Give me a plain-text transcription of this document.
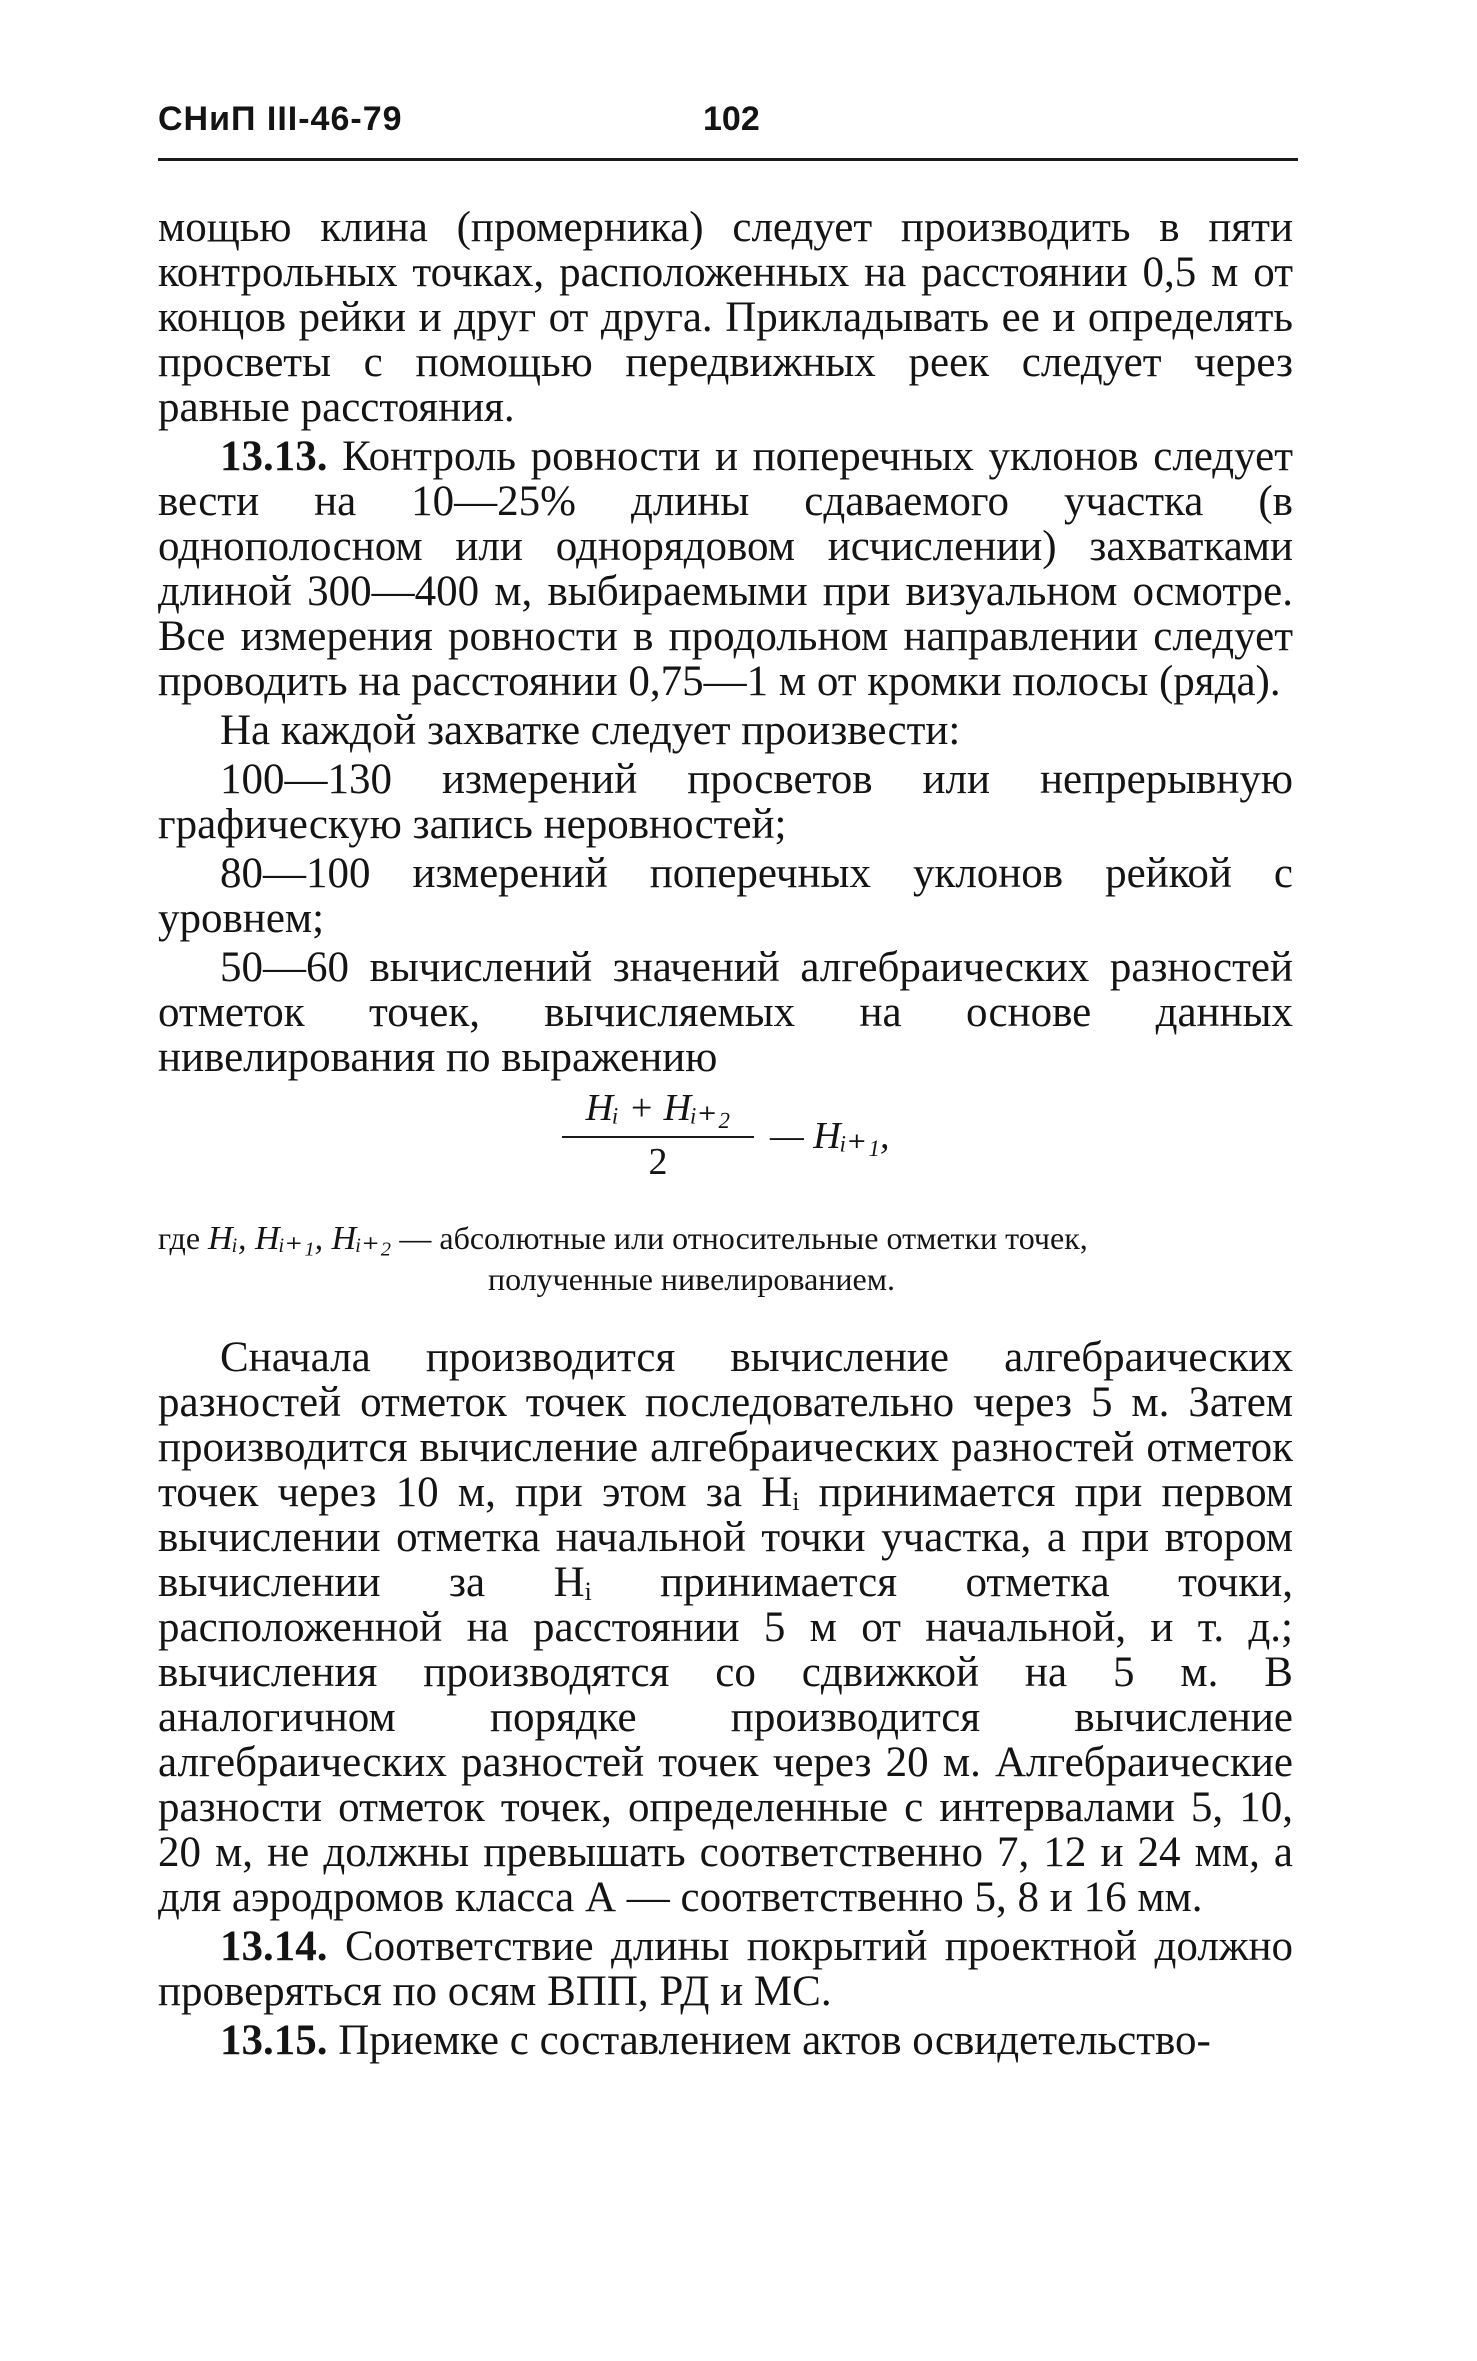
СНиП III-46-79	102

мощью клина (промерника) следует производить в пяти контрольных точках, расположенных на расстоянии 0,5 м от концов рейки и друг от друга. Прикладывать ее и определять просветы с помощью передвижных реек следует через равные расстояния.

13.13. Контроль ровности и поперечных уклонов следует вести на 10—25% длины сдаваемого участка (в однополосном или однорядовом исчислении) захватками длиной 300—400 м, выбираемыми при визуальном осмотре. Все измерения ровности в продольном направлении следует проводить на расстоянии 0,75—1 м от кромки полосы (ряда).

На каждой захватке следует произвести:

100—130 измерений просветов или непрерывную графическую запись неровностей;

80—100 измерений поперечных уклонов рейкой с уровнем;

50—60 вычислений значений алгебраических разностей отметок точек, вычисляемых на основе данных нивелирования по выражению

Hᵢ + Hᵢ₊₂
2
— Hᵢ₊₁,
где Hᵢ, Hᵢ₊₁, Hᵢ₊₂ — абсолютные или относительные отметки точек,
полученные нивелированием.

Сначала производится вычисление алгебраических разностей отметок точек последовательно через 5 м. Затем производится вычисление алгебраических разностей отметок точек через 10 м, при этом за Hᵢ принимается при первом вычислении отметка начальной точки участка, а при втором вычислении за Hᵢ принимается отметка точки, расположенной на расстоянии 5 м от начальной, и т. д.; вычисления производятся со сдвижкой на 5 м. В аналогичном порядке производится вычисление алгебраических разностей точек через 20 м. Алгебраические разности отметок точек, определенные с интервалами 5, 10, 20 м, не должны превышать соответственно 7, 12 и 24 мм, а для аэродромов класса А — соответственно 5, 8 и 16 мм.

13.14. Соответствие длины покрытий проектной должно проверяться по осям ВПП, РД и МС.

13.15. Приемке с составлением актов освидетельство-
